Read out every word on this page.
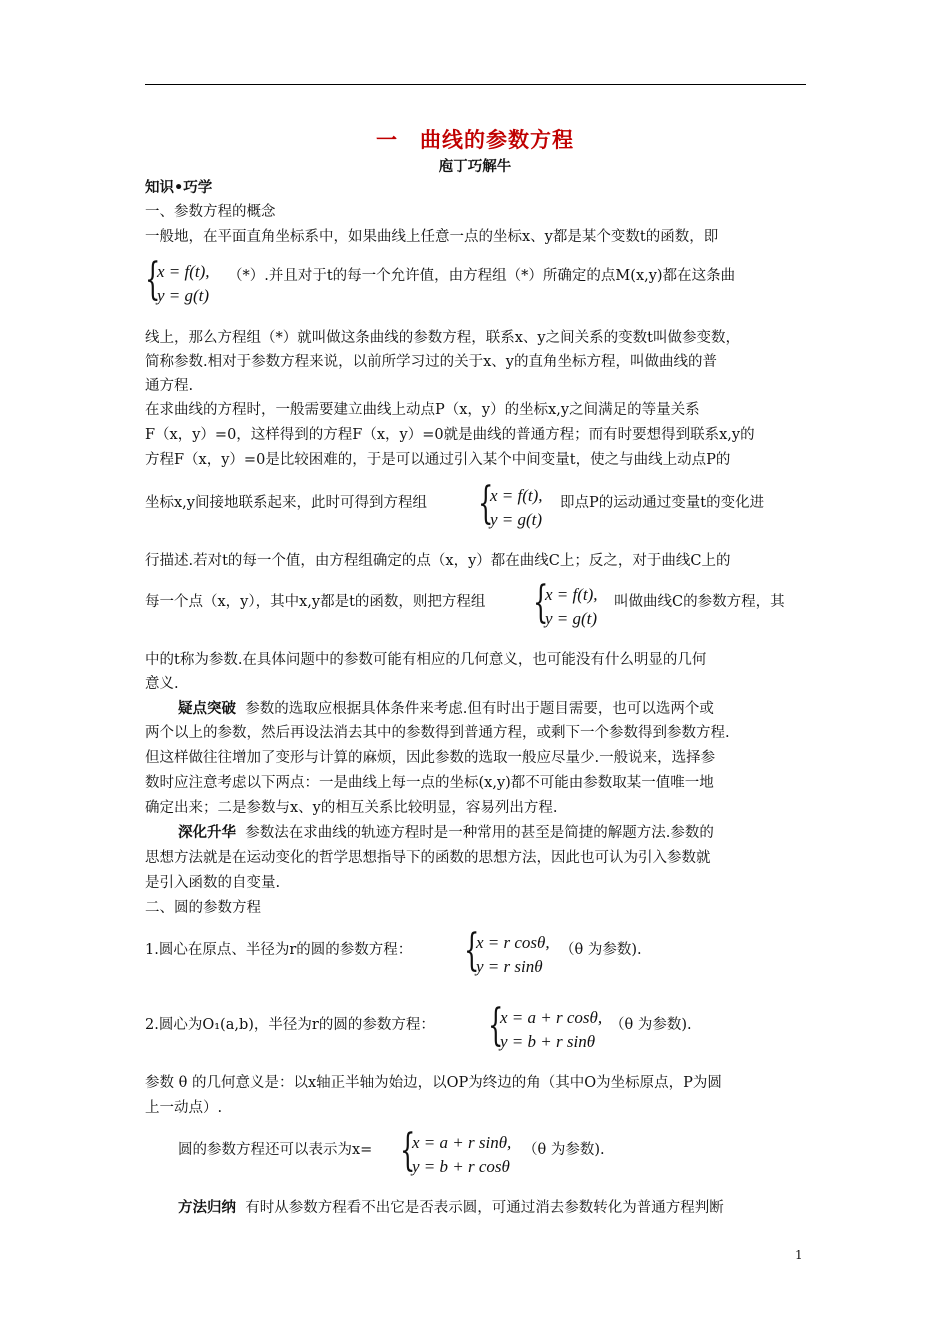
一　曲线的参数方程
庖丁巧解牛
知识•巧学
一、参数方程的概念
一般地，在平面直角坐标系中，如果曲线上任意一点的坐标x、y都是某个变数t的函数，即
{
x = f(t),
y = g(t)
（*）.并且对于t的每一个允许值，由方程组（*）所确定的点M(x,y)都在这条曲
线上，那么方程组（*）就叫做这条曲线的参数方程，联系x、y之间关系的变数t叫做参变数，
简称参数.相对于参数方程来说，以前所学习过的关于x、y的直角坐标方程，叫做曲线的普
通方程.
在求曲线的方程时，一般需要建立曲线上动点P（x，y）的坐标x,y之间满足的等量关系
F（x，y）=0，这样得到的方程F（x，y）=0就是曲线的普通方程；而有时要想得到联系x,y的
方程F（x，y）=0是比较困难的，于是可以通过引入某个中间变量t，使之与曲线上动点P的
坐标x,y间接地联系起来，此时可得到方程组	{
x = f(t),
y = g(t)
即点P的运动通过变量t的变化进
行描述.若对t的每一个值，由方程组确定的点（x，y）都在曲线C上；反之，对于曲线C上的
每一个点（x，y），其中x,y都是t的函数，则把方程组	{
x = f(t),
y = g(t)
叫做曲线C的参数方程，其
中的t称为参数.在具体问题中的参数可能有相应的几何意义，也可能没有什么明显的几何
意义.
疑点突破 参数的选取应根据具体条件来考虑.但有时出于题目需要，也可以选两个或
两个以上的参数，然后再设法消去其中的参数得到普通方程，或剩下一个参数得到参数方程.
但这样做往往增加了变形与计算的麻烦，因此参数的选取一般应尽量少.一般说来，选择参
数时应注意考虑以下两点：一是曲线上每一点的坐标(x,y)都不可能由参数取某一值唯一地
确定出来；二是参数与x、y的相互关系比较明显，容易列出方程.
深化升华 参数法在求曲线的轨迹方程时是一种常用的甚至是简捷的解题方法.参数的
思想方法就是在运动变化的哲学思想指导下的函数的思想方法，因此也可认为引入参数就
是引入函数的自变量.
二、圆的参数方程
1.圆心在原点、半径为r的圆的参数方程：	{
x = r cosθ,
y = r sinθ
（θ 为参数).
2.圆心为O₁(a,b)，半径为r的圆的参数方程：	{
x = a + r cosθ,
y = b + r sinθ
（θ 为参数).
参数 θ 的几何意义是：以x轴正半轴为始边，以OP为终边的角（其中O为坐标原点，P为圆
上一动点）.
圆的参数方程还可以表示为x= {
x = a + r sinθ,
y = b + r cosθ
（θ 为参数).
方法归纳 有时从参数方程看不出它是否表示圆，可通过消去参数转化为普通方程判断
1
